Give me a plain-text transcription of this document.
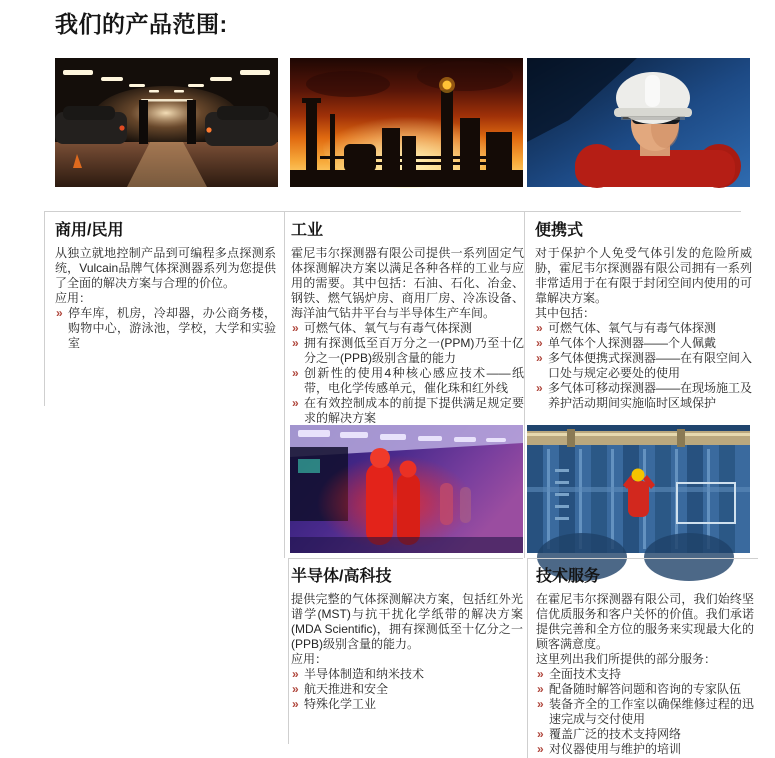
我们的产品范围:
商用/民用

从独立就地控制产品到可编程多点探测系统，Vulcain品牌气体探测器系列为您提供了全面的解决方案与合理的价位。

应用：

» 停车库，机房，冷却器，办公商务楼，购物中心，游泳池，学校，大学和实验室
工业

霍尼韦尔探测器有限公司提供一系列固定气体探测解决方案以满足各种各样的工业与应用的需要。其中包括：石油、石化、冶金、钢铁、燃气锅炉房、商用厂房、冷冻设备、海洋油气钻井平台与半导体生产车间。

» 可燃气体、氧气与有毒气体探测
» 拥有探测低至百万分之一(PPM)乃至十亿分之一(PPB)级别含量的能力
» 创新性的使用4种核心感应技术——纸带，电化学传感单元，催化珠和红外线
» 在有效控制成本的前提下提供满足规定要求的解决方案
便携式

对于保护个人免受气体引发的危险所威胁，霍尼韦尔探测器有限公司拥有一系列非常适用于在有限于封闭空间内使用的可靠解决方案。

其中包括：

» 可燃气体、氧气与有毒气体探测
» 单气体个人探测器——个人佩戴
» 多气体便携式探测器——在有限空间入口处与规定必要处的使用
» 多气体可移动探测器——在现场施工及养护活动期间实施临时区域保护
半导体/高科技

提供完整的气体探测解决方案，包括红外光谱学(MST)与抗干扰化学纸带的解决方案(MDA Scientific)，拥有探测低至十亿分之一(PPB)级别含量的能力。

应用：

» 半导体制造和纳米技术
» 航天推进和安全
» 特殊化学工业
技术服务

在霍尼韦尔探测器有限公司，我们始终坚信优质服务和客户关怀的价值。我们承诺提供完善和全方位的服务来实现最大化的顾客满意度。

这里列出我们所提供的部分服务：

» 全面技术支持
» 配备随时解答问题和咨询的专家队伍
» 装备齐全的工作室以确保维修过程的迅速完成与交付使用
» 覆盖广泛的技术支持网络
» 对仪器使用与维护的培训
